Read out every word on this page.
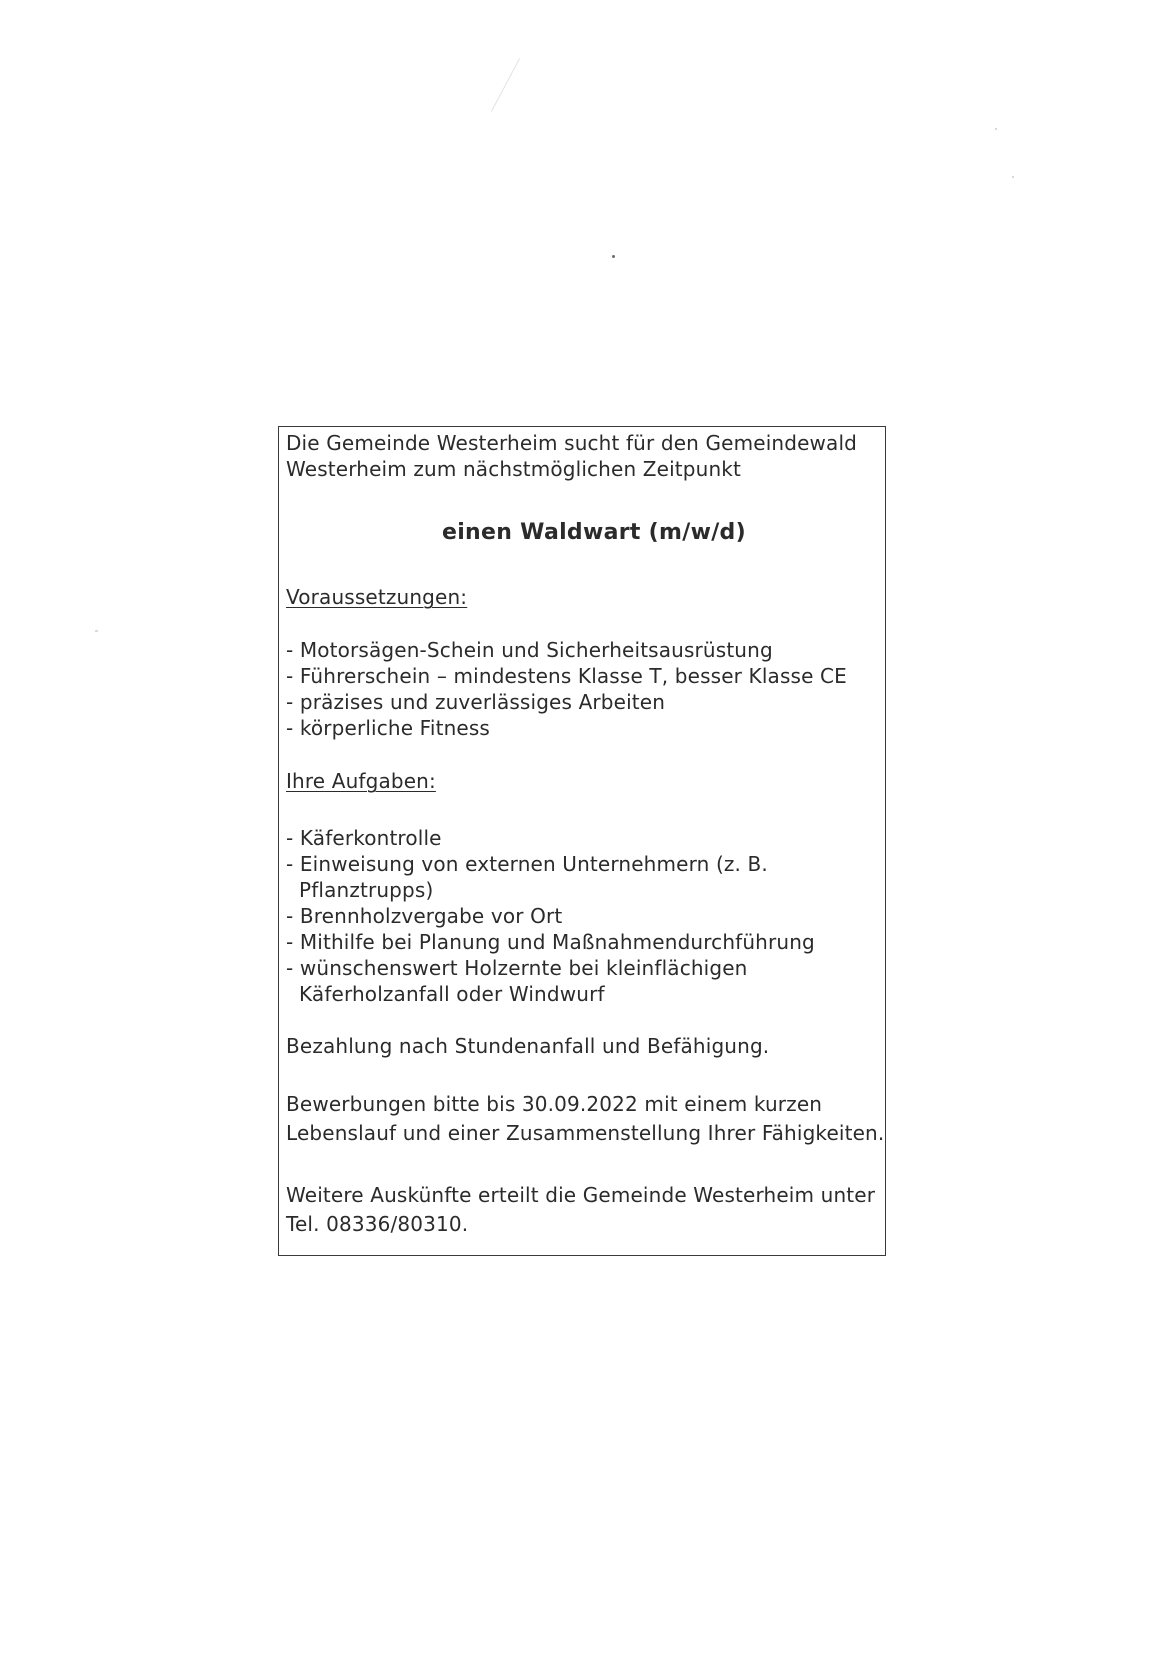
Die Gemeinde Westerheim sucht für den Gemeindewald
Westerheim zum nächstmöglichen Zeitpunkt
einen Waldwart (m/w/d)
Voraussetzungen:
- Motorsägen-Schein und Sicherheitsausrüstung
- Führerschein – mindestens Klasse T, besser Klasse CE
- präzises und zuverlässiges Arbeiten
- körperliche Fitness
Ihre Aufgaben:
- Käferkontrolle
- Einweisung von externen Unternehmern (z. B.
Pflanztrupps)
- Brennholzvergabe vor Ort
- Mithilfe bei Planung und Maßnahmendurchführung
- wünschenswert Holzernte bei kleinflächigen
Käferholzanfall oder Windwurf
Bezahlung nach Stundenanfall und Befähigung.
Bewerbungen bitte bis 30.09.2022 mit einem kurzen
Lebenslauf und einer Zusammenstellung Ihrer Fähigkeiten.
Weitere Auskünfte erteilt die Gemeinde Westerheim unter
Tel. 08336/80310.
